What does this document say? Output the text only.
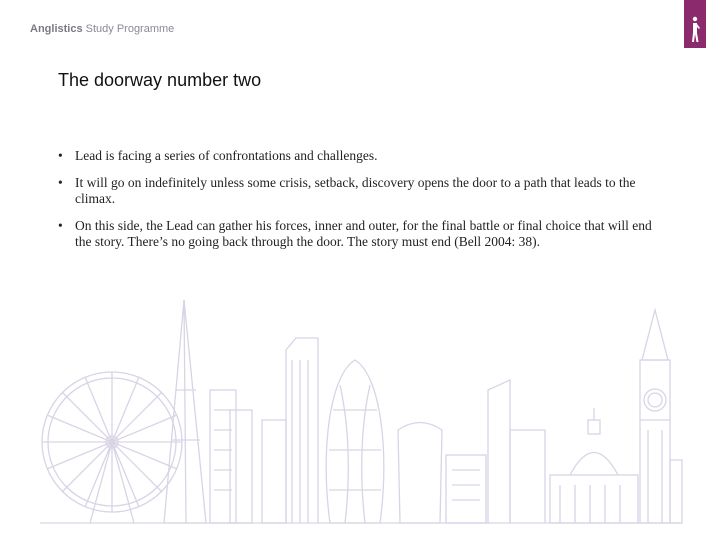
Anglistics Study Programme
The doorway number two
• Lead is facing a series of confrontations and challenges.
• It will go on indefinitely unless some crisis, setback, discovery opens the door to a path that leads to the climax.
• On this side, the Lead can gather his forces, inner and outer, for the final battle or final choice that will end the story. There’s no going back through the door. The story must end (Bell 2004: 38).
